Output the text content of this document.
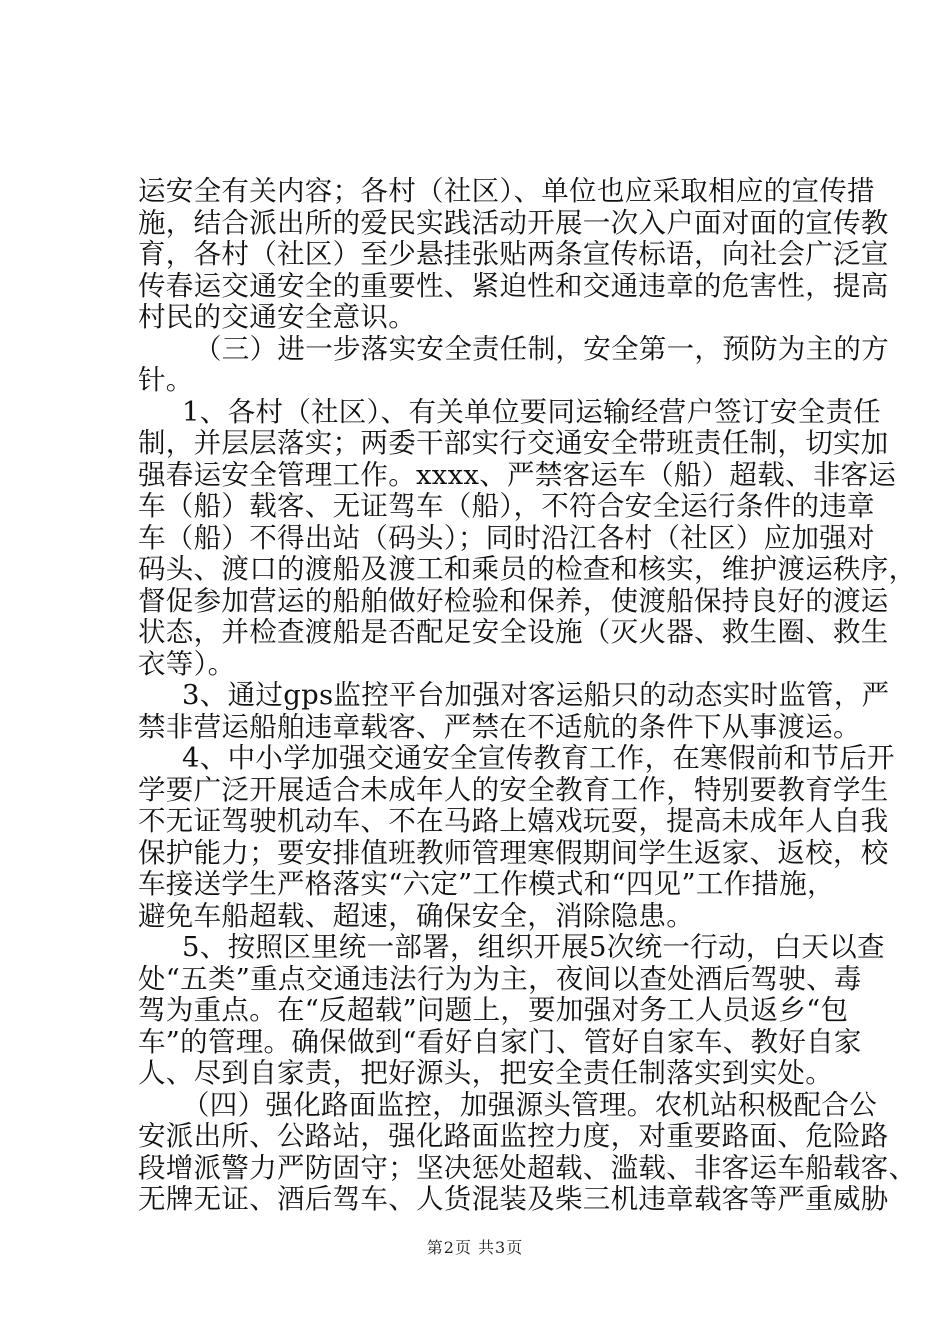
运安全有关内容；各村（社区）、单位也应采取相应的宣传措
施，结合派出所的爱民实践活动开展一次入户面对面的宣传教
育，各村（社区）至少悬挂张贴两条宣传标语，向社会广泛宣
传春运交通安全的重要性、紧迫性和交通违章的危害性，提高
村民的交通安全意识。
（三）进一步落实安全责任制，安全第一，预防为主的方
针。
1、各村（社区）、有关单位要同运输经营户签订安全责任
制，并层层落实；两委干部实行交通安全带班责任制，切实加
强春运安全管理工作。xxxx、严禁客运车（船）超载、非客运
车（船）载客、无证驾车（船），不符合安全运行条件的违章
车（船）不得出站（码头）；同时沿江各村（社区）应加强对
码头、渡口的渡船及渡工和乘员的检查和核实，维护渡运秩序，
督促参加营运的船舶做好检验和保养，使渡船保持良好的渡运
状态，并检查渡船是否配足安全设施（灭火器、救生圈、救生
衣等）。
3、通过gps监控平台加强对客运船只的动态实时监管，严
禁非营运船舶违章载客、严禁在不适航的条件下从事渡运。
4、中小学加强交通安全宣传教育工作，在寒假前和节后开
学要广泛开展适合未成年人的安全教育工作，特别要教育学生
不无证驾驶机动车、不在马路上嬉戏玩耍，提高未成年人自我
保护能力；要安排值班教师管理寒假期间学生返家、返校，校
车接送学生严格落实“六定”工作模式和“四见”工作措施，
避免车船超载、超速，确保安全，消除隐患。
5、按照区里统一部署，组织开展5次统一行动，白天以查
处“五类”重点交通违法行为为主，夜间以查处酒后驾驶、毒
驾为重点。在“反超载”问题上，要加强对务工人员返乡“包
车”的管理。确保做到“看好自家门、管好自家车、教好自家
人、尽到自家责，把好源头，把安全责任制落实到实处。
（四）强化路面监控，加强源头管理。农机站积极配合公
安派出所、公路站，强化路面监控力度，对重要路面、危险路
段增派警力严防固守；坚决惩处超载、滥载、非客运车船载客、
无牌无证、酒后驾车、人货混装及柴三机违章载客等严重威胁
第2页 共3页
